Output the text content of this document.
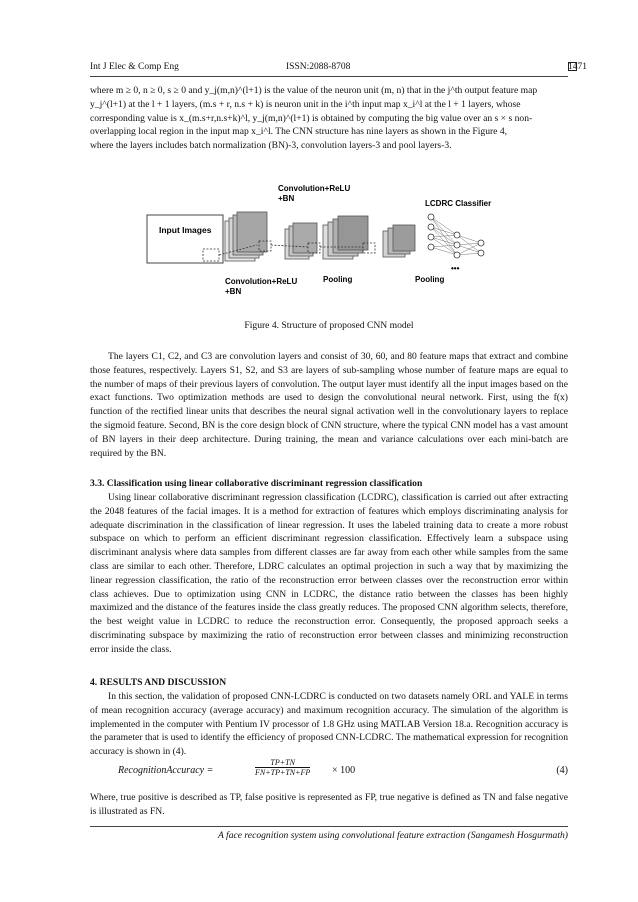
Int J Elec & Comp Eng	ISSN:2088-8708	1471
where m ≥ 0, n ≥ 0, s ≥ 0 and y_j(m,n)^(l+1) is the value of the neuron unit (m, n) that in the j^th output feature map
y_j^(l+1) at the l + 1 layers, (m.s + r, n.s + k) is neuron unit in the i^th input map x_i^l at the l + 1 layers, whose
corresponding value is x_(m.s+r,n.s+k)^l, y_j(m,n)^(l+1) is obtained by computing the big value over an s × s non-
overlapping local region in the input map x_i^l. The CNN structure has nine layers as shown in the Figure 4,
where the layers includes batch normalization (BN)-3, convolution layers-3 and pool layers-3.
Input Images
Convolution+ReLU
+BN
LCDRC Classifier
Convolution+ReLU
+BN
Pooling	Pooling
•••
Figure 4. Structure of proposed CNN model

The layers C1, C2, and C3 are convolution layers and consist of 30, 60, and 80 feature maps that extract and combine those features, respectively. Layers S1, S2, and S3 are layers of sub-sampling whose number of feature maps are equal to the number of maps of their previous layers of convolution. The output layer must identify all the input images based on the exact functions. Two optimization methods are used to design the convolutional neural network. First, using the f(x) function of the rectified linear units that describes the neural signal activation well in the convolutionary layers to replace the sigmoid feature. Second, BN is the core design block of CNN structure, where the typical CNN model has a vast amount of BN layers in their deep architecture. During training, the mean and variance calculations over each mini-batch are required by the BN.

3.3. Classification using linear collaborative discriminant regression classification

Using linear collaborative discriminant regression classification (LCDRC), classification is carried out after extracting the 2048 features of the facial images. It is a method for extraction of features which employs discriminating analysis for adequate discrimination in the classification of linear regression. It uses the labeled training data to create a more robust subspace on which to perform an efficient discriminant regression classification. Effectively learn a subspace using discriminant analysis where data samples from different classes are far away from each other while samples from the same class are similar to each other. Therefore, LDRC calculates an optimal projection in such a way that by maximizing the linear regression classification, the ratio of the reconstruction error between classes over the reconstruction error within class achieves. Due to optimization using CNN in LCDRC, the distance ratio between the classes has been highly maximized and the distance of the features inside the class greatly reduces. The proposed CNN algorithm selects, therefore, the best weight value in LCDRC to reduce the reconstruction error. Consequently, the proposed approach seeks a discriminating subspace by maximizing the ratio of reconstruction error between classes and minimizing reconstruction error inside the class.

4. RESULTS AND DISCUSSION

In this section, the validation of proposed CNN-LCDRC is conducted on two datasets namely ORL and YALE in terms of mean recognition accuracy (average accuracy) and maximum recognition accuracy. The simulation of the algorithm is implemented in the computer with Pentium IV processor of 1.8 GHz using MATLAB Version 18.a. Recognition accuracy is the parameter that is used to identify the efficiency of proposed CNN-LCDRC. The mathematical expression for recognition accuracy is shown in (4).

RecognitionAccuracy =	$\frac{TP+TN}{FN+TP+TN+FP} \times 100$	(4)

Where, true positive is described as TP, false positive is represented as FP, true negative is defined as TN and false negative is illustrated as FN.

A face recognition system using convolutional feature extraction (Sangamesh Hosgurmath)
